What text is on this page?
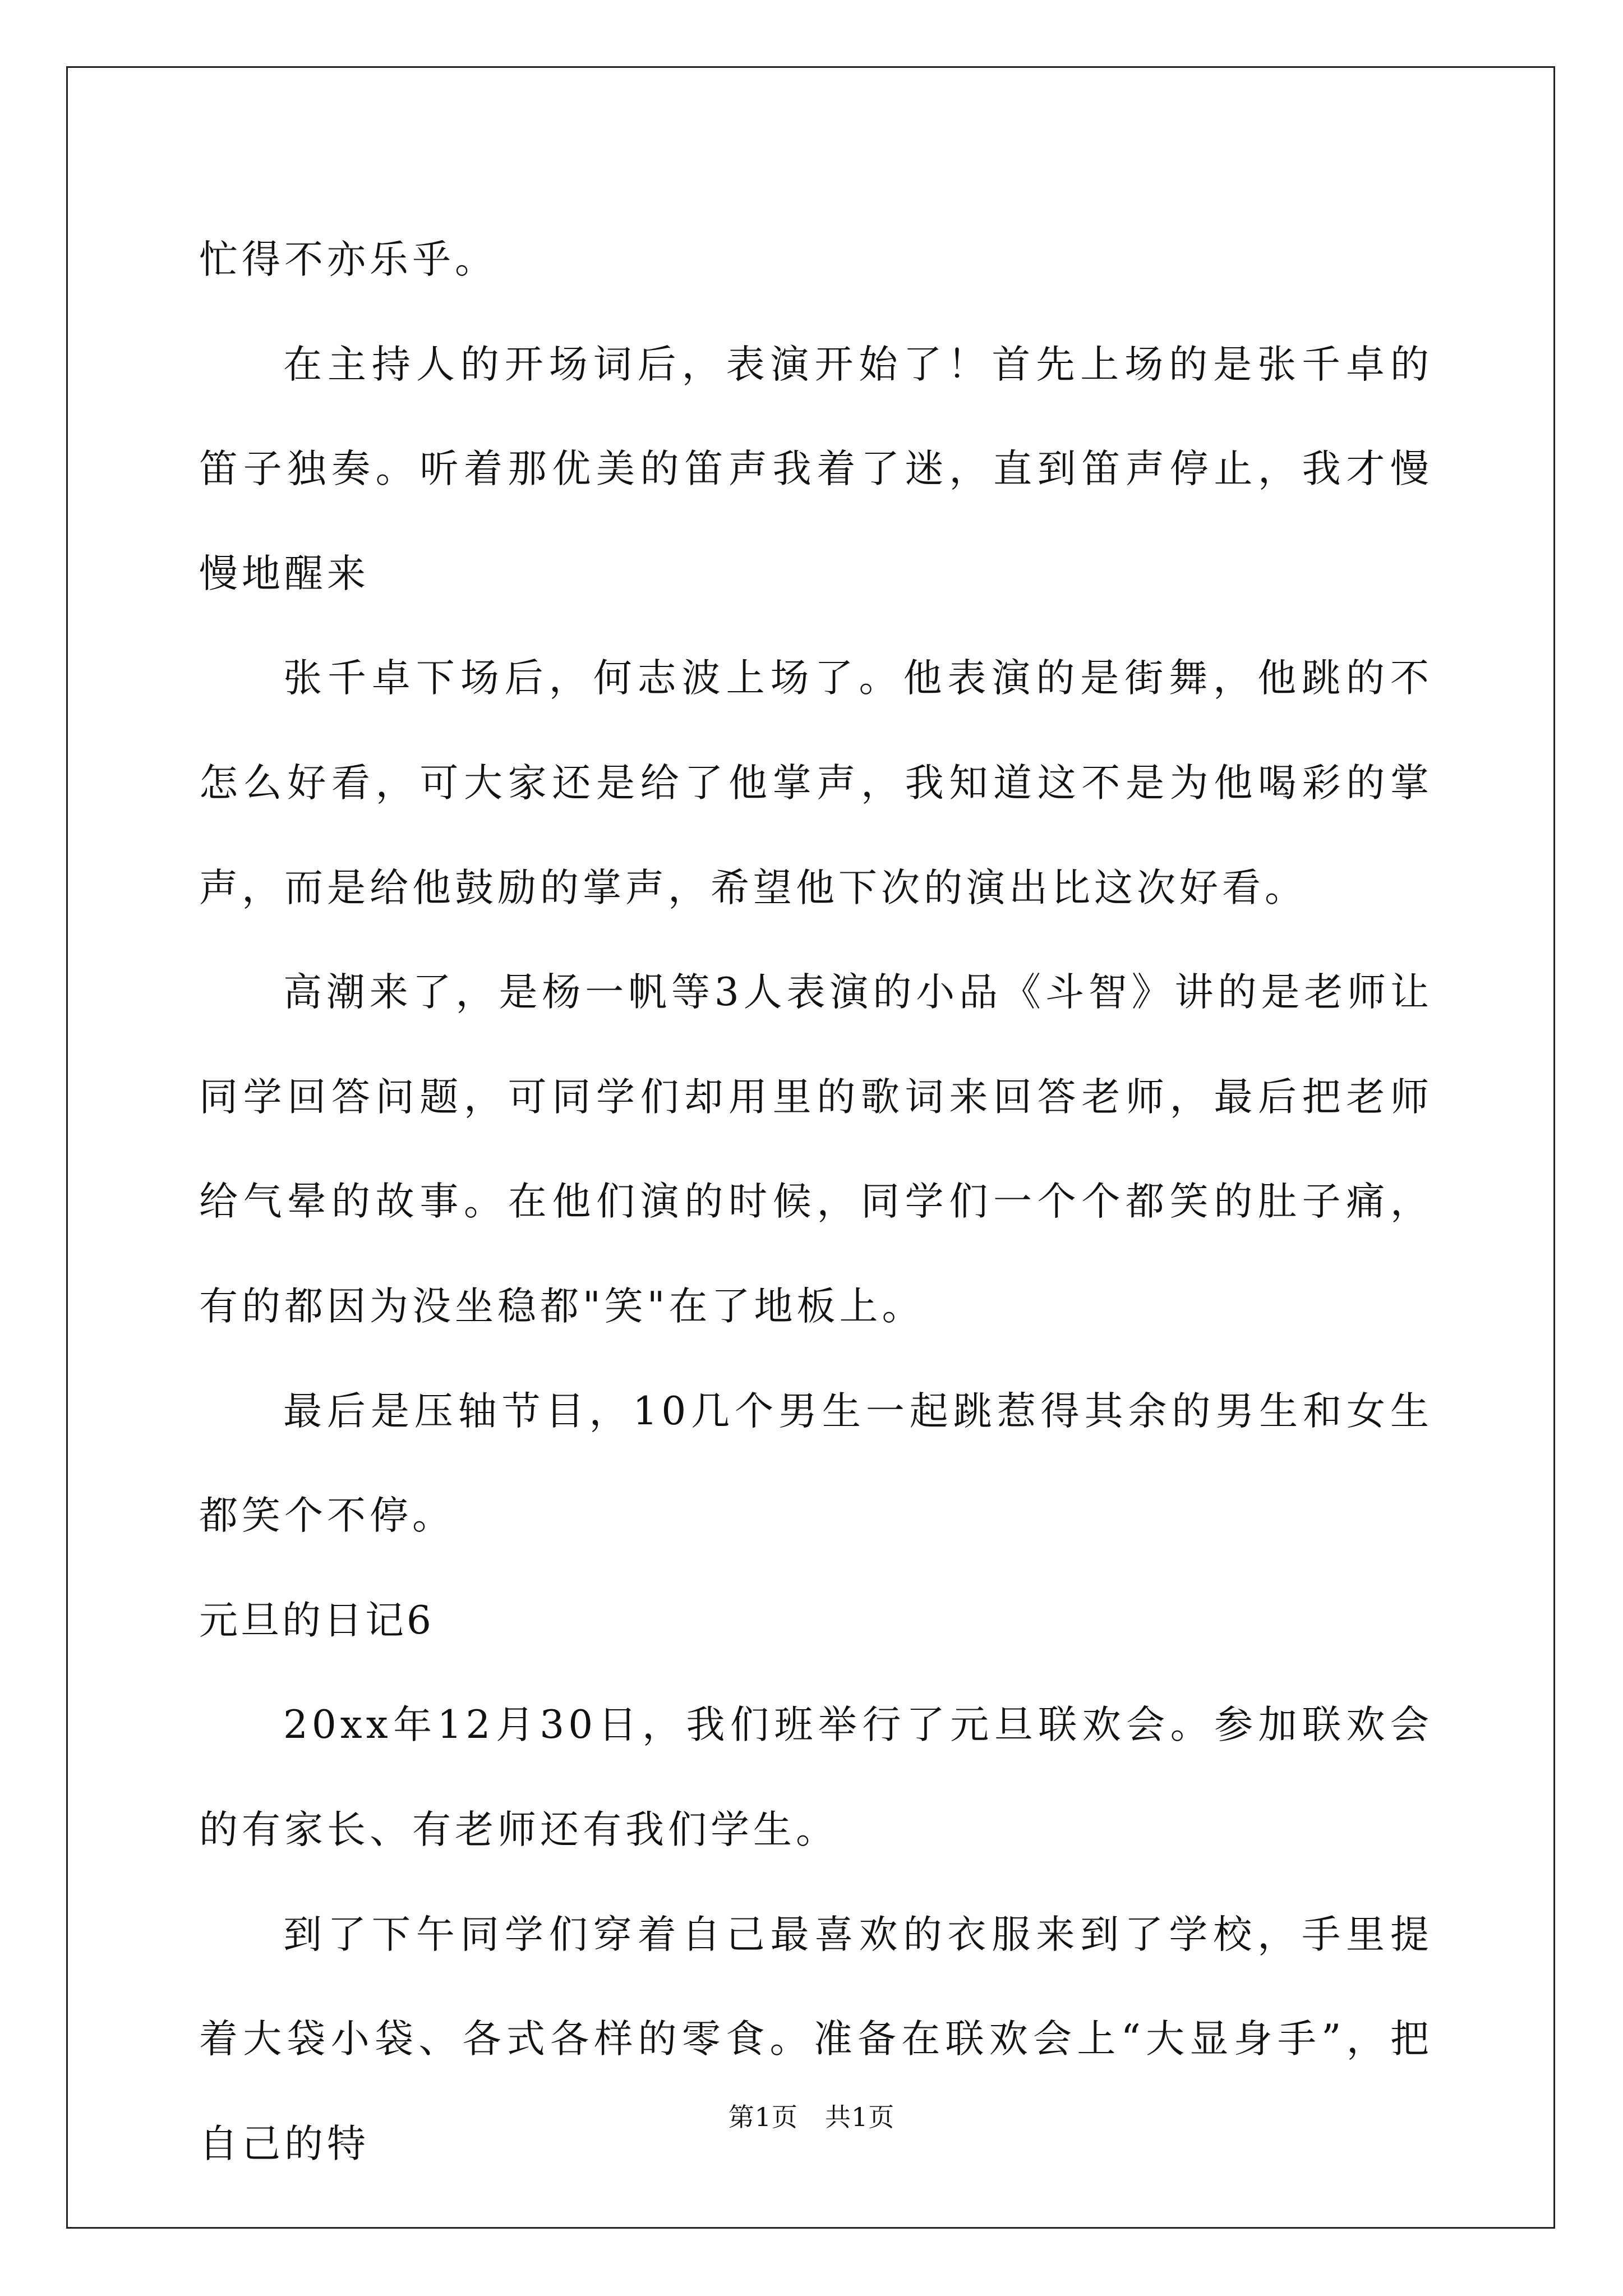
忙得不亦乐乎。

在主持人的开场词后，表演开始了！首先上场的是张千卓的笛子独奏。听着那优美的笛声我着了迷，直到笛声停止，我才慢慢地醒来

张千卓下场后，何志波上场了。他表演的是街舞，他跳的不怎么好看，可大家还是给了他掌声，我知道这不是为他喝彩的掌声，而是给他鼓励的掌声，希望他下次的演出比这次好看。

高潮来了，是杨一帆等3人表演的小品《斗智》讲的是老师让同学回答问题，可同学们却用里的歌词来回答老师，最后把老师给气晕的故事。在他们演的时候，同学们一个个都笑的肚子痛，有的都因为没坐稳都"笑"在了地板上。

最后是压轴节目，10几个男生一起跳惹得其余的男生和女生都笑个不停。

元旦的日记6

20xx年12月30日，我们班举行了元旦联欢会。参加联欢会的有家长、有老师还有我们学生。

到了下午同学们穿着自己最喜欢的衣服来到了学校，手里提着大袋小袋、各式各样的零食。准备在联欢会上“大显身手”，把自己的特

第1页 共1页
